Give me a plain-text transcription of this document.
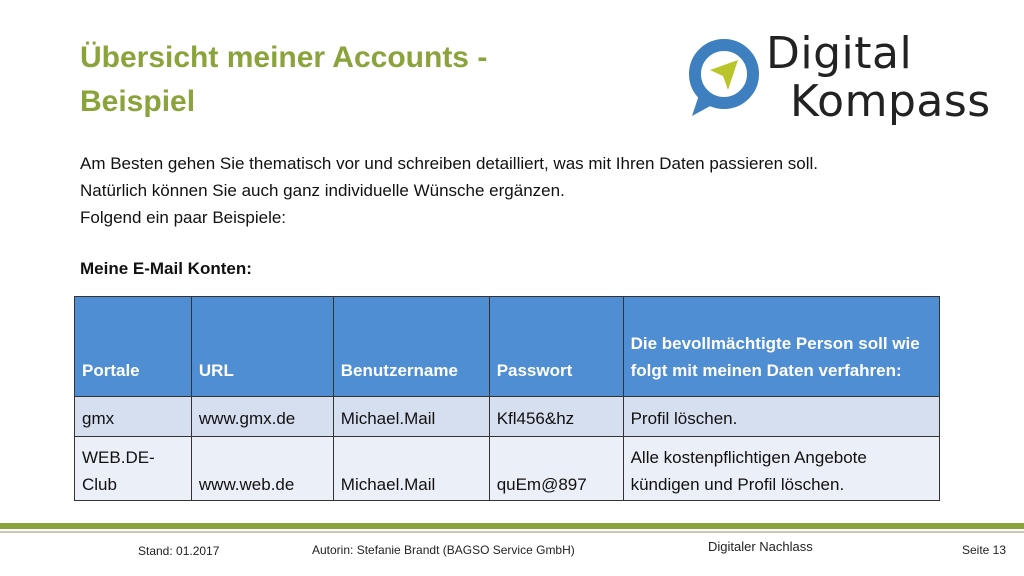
Übersicht meiner Accounts -
Beispiel
Digital
Kompass

Am Besten gehen Sie thematisch vor und schreiben detailliert, was mit Ihren Daten passieren soll.

Natürlich können Sie auch ganz individuelle Wünsche ergänzen.

Folgend ein paar Beispiele:

Meine E-Mail Konten:
Portale	URL	Benutzername	Passwort	Die bevollmächtigte Person soll wie folgt mit meinen Daten verfahren:
gmx	www.gmx.de	Michael.Mail	Kfl456&hz	Profil löschen.
WEB.DE-Club	www.web.de	Michael.Mail	quEm@897	Alle kostenpflichtigen Angebote kündigen und Profil löschen.
Stand: 01.2017	Autorin: Stefanie Brandt (BAGSO Service GmbH)	Digitaler Nachlass	Seite 13
